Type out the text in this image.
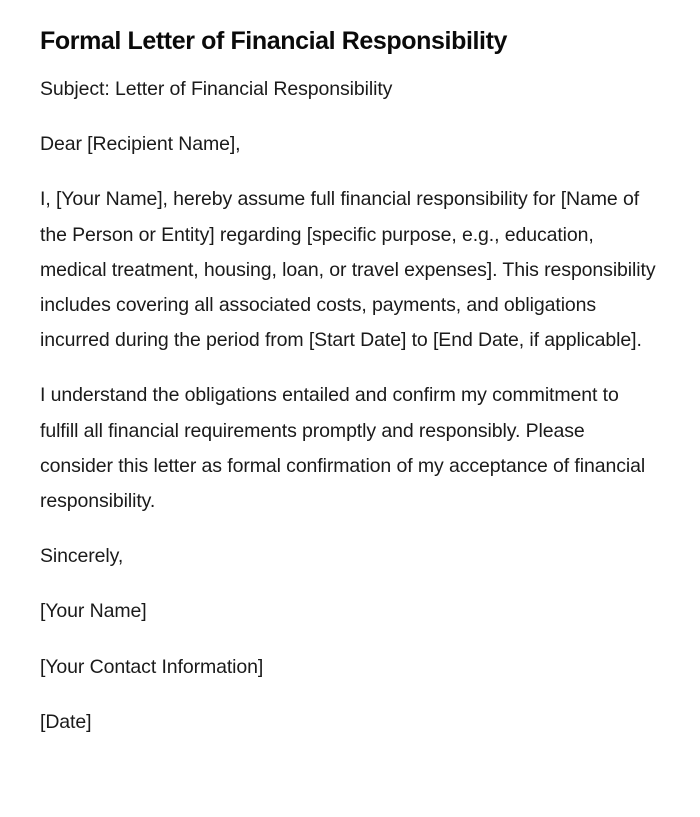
Formal Letter of Financial Responsibility

Subject: Letter of Financial Responsibility

Dear [Recipient Name],

I, [Your Name], hereby assume full financial responsibility for [Name of the Person or Entity] regarding [specific purpose, e.g., education, medical treatment, housing, loan, or travel expenses]. This responsibility includes covering all associated costs, payments, and obligations incurred during the period from [Start Date] to [End Date, if applicable].

I understand the obligations entailed and confirm my commitment to fulfill all financial requirements promptly and responsibly. Please consider this letter as formal confirmation of my acceptance of financial responsibility.

Sincerely,

[Your Name]

[Your Contact Information]

[Date]
